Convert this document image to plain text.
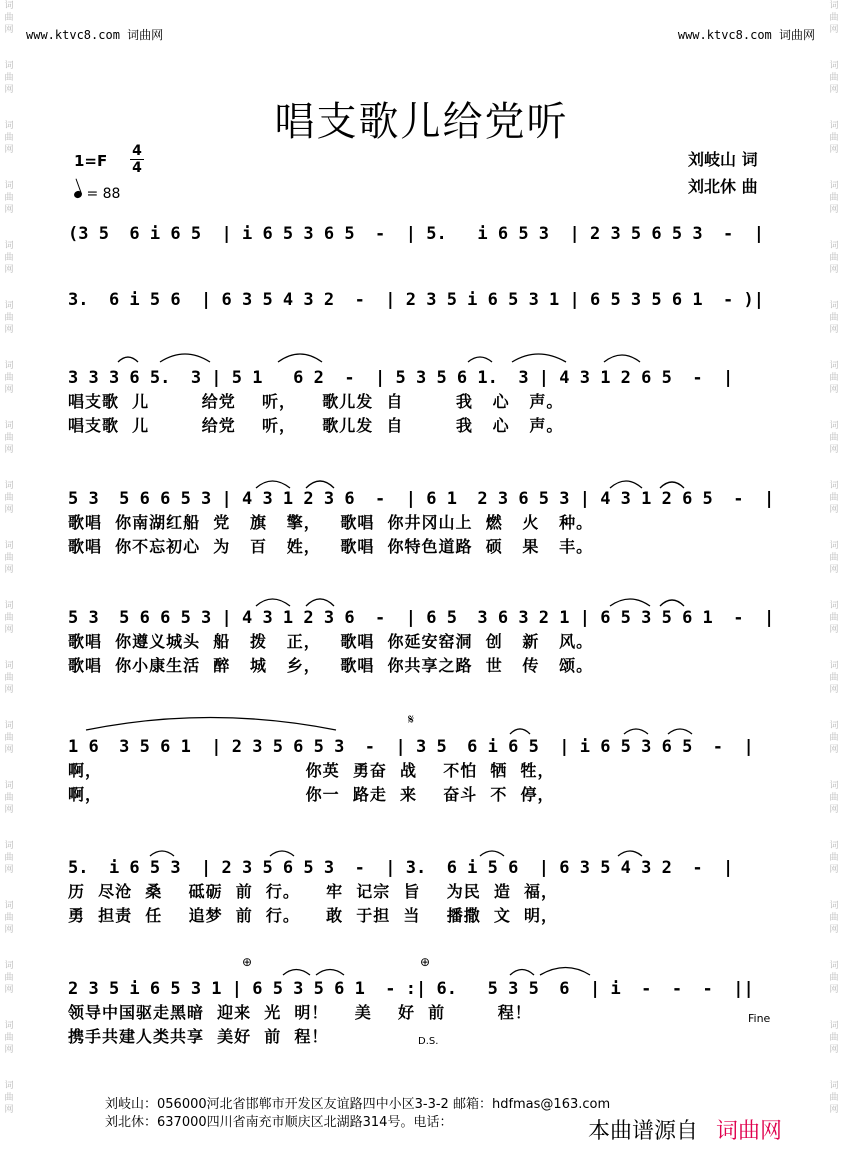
www.ktvc8.com 词曲网	www.ktvc8.com 词曲网
词
曲
网
词
曲
网
词
曲
网
词
曲
网
词
曲
网
词
曲
网
词
曲
网
词
曲
网
词
曲
网
词
曲
网
词
曲
网
词
曲
网
词
曲
网
词
曲
网
词
曲
网
词
曲
网
词
曲
网
词
曲
网
词
曲
网
词
曲
网
词
曲
网
词
曲
网
词
曲
网
词
曲
网
词
曲
网
词
曲
网
词
曲
网
词
曲
网
词
曲
网
词
曲
网
词
曲
网
词
曲
网
词
曲
网
词
曲
网
词
曲
网
词
曲
网
词
曲
网
词
曲
网
唱支歌儿给党听
1=F
4
4
= 88
刘岐山 词
刘北休 曲
(3 5  6 i 6 5  | i 6 5 3 6 5  -  | 5.   i 6 5 3  | 2 3 5 6 5 3  -  |
3.  6 i 5 6  | 6 3 5 4 3 2  -  | 2 3 5 i 6 5 3 1 | 6 5 3 5 6 1  - )|
3 3 3 6 5.  3 | 5 1   6 2  -  | 5 3 5 6 1.  3 | 4 3 1 2 6 5  -  |
唱支歌  儿        给党    听，    歌儿发  自        我   心   声。
唱支歌  儿        给党    听，    歌儿发  自        我   心   声。
5 3  5 6 6 5 3 | 4 3 1 2 3 6  -  | 6 1  2 3 6 5 3 | 4 3 1 2 6 5  -  |
歌唱  你南湖红船  党   旗   擎，   歌唱  你井冈山上  燃   火   种。
歌唱  你不忘初心  为   百   姓，   歌唱  你特色道路  硕   果   丰。
5 3  5 6 6 5 3 | 4 3 1 2 3 6  -  | 6 5  3 6 3 2 1 | 6 5 3 5 6 1  -  |
歌唱  你遵义城头  船   拨   正，   歌唱  你延安窑洞  创   新   风。
歌唱  你小康生活  醉   城   乡，   歌唱  你共享之路  世   传   颂。
1 6  3 5 6 1  | 2 3 5 6 5 3  -  | 3 5  6 i 6 5  | i 6 5 3 6 5  -  |
啊，                               你英  勇奋  战    不怕  牺  牲，
啊，                               你一  路走  来    奋斗  不  停，
5.  i 6 5 3  | 2 3 5 6 5 3  -  | 3.  6 i 5 6  | 6 3 5 4 3 2  -  |
历  尽沧  桑    砥砺  前  行。    牢  记宗  旨    为民  造  福，
勇  担责  任    追梦  前  行。    敢  于担  当    播撒  文  明，
2 3 5 i 6 5 3 1 | 6 5 3 5 6 1  - :| 6.   5 3 5  6  | i  -  -  -  ||
领导中国驱走黑暗  迎来  光  明！    美    好  前        程！
携手共建人类共享  美好  前  程！
𝄋
⊕	⊕
Fine
D.S.
刘岐山：056000河北省邯郸市开发区友谊路四中小区3-3-2 邮箱：hdfmas@163.com
刘北休：637000四川省南充市顺庆区北湖路314号。电话：	本曲谱源自 词曲网
